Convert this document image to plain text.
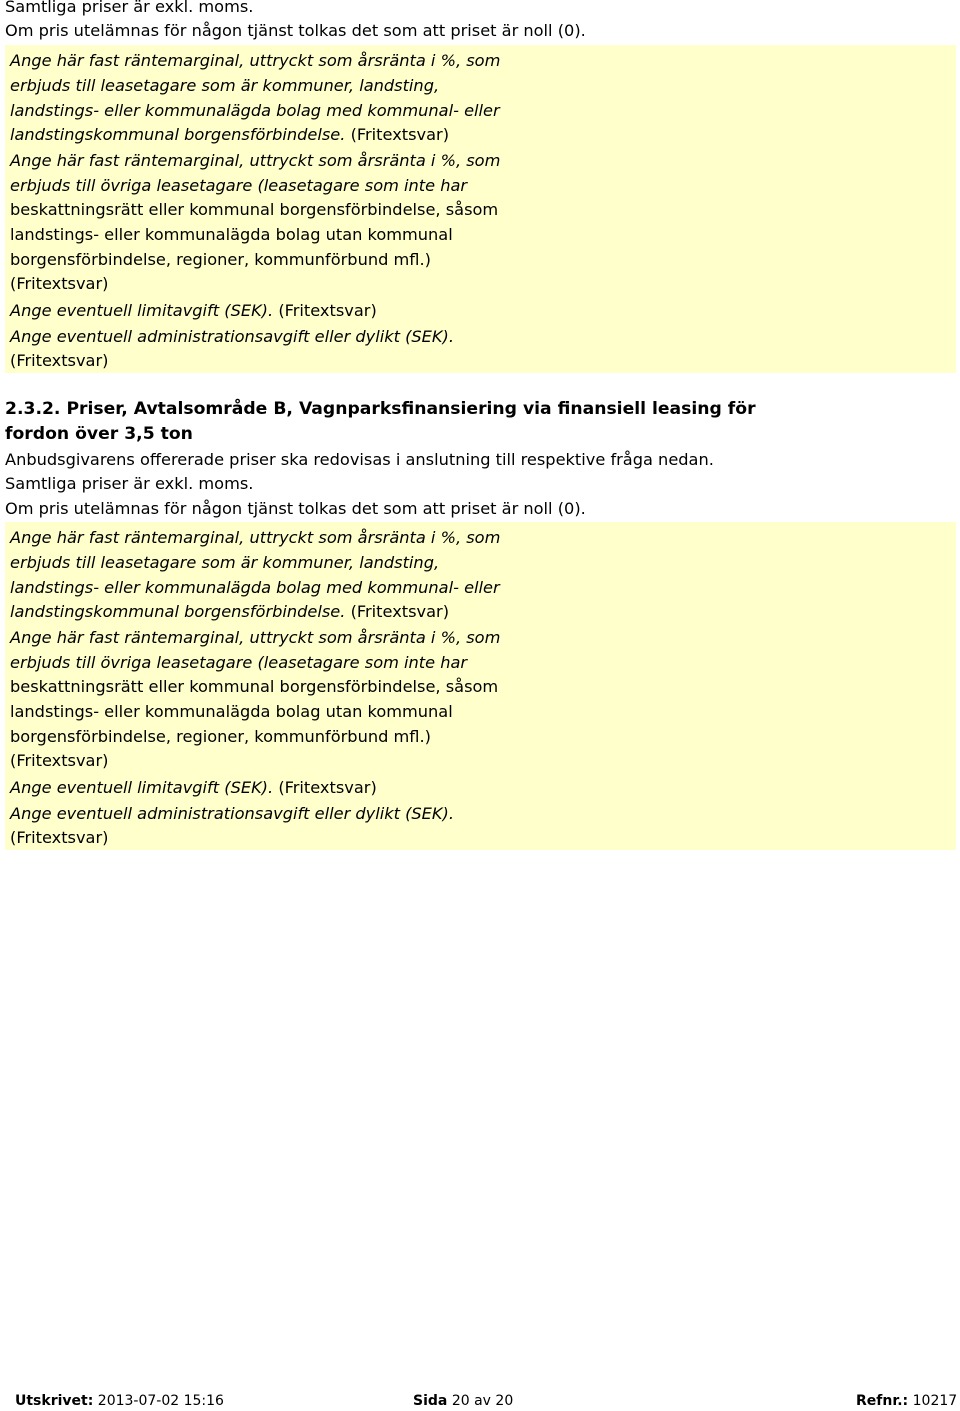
Samtliga priser är exkl. moms.
Om pris utelämnas för någon tjänst tolkas det som att priset är noll (0).
Ange här fast räntemarginal, uttryckt som årsränta i %, som
erbjuds till leasetagare som är kommuner, landsting,
landstings- eller kommunalägda bolag med kommunal- eller
landstingskommunal borgensförbindelse. (Fritextsvar)
Ange här fast räntemarginal, uttryckt som årsränta i %, som
erbjuds till övriga leasetagare (leasetagare som inte har
beskattningsrätt eller kommunal borgensförbindelse, såsom
landstings- eller kommunalägda bolag utan kommunal
borgensförbindelse, regioner, kommunförbund mfl.)
(Fritextsvar)
Ange eventuell limitavgift (SEK). (Fritextsvar)
Ange eventuell administrationsavgift eller dylikt (SEK).
(Fritextsvar)
2.3.2. Priser, Avtalsområde B, Vagnparksfinansiering via finansiell leasing för
fordon över 3,5 ton
Anbudsgivarens offererade priser ska redovisas i anslutning till respektive fråga nedan.
Samtliga priser är exkl. moms.
Om pris utelämnas för någon tjänst tolkas det som att priset är noll (0).
Ange här fast räntemarginal, uttryckt som årsränta i %, som
erbjuds till leasetagare som är kommuner, landsting,
landstings- eller kommunalägda bolag med kommunal- eller
landstingskommunal borgensförbindelse. (Fritextsvar)
Ange här fast räntemarginal, uttryckt som årsränta i %, som
erbjuds till övriga leasetagare (leasetagare som inte har
beskattningsrätt eller kommunal borgensförbindelse, såsom
landstings- eller kommunalägda bolag utan kommunal
borgensförbindelse, regioner, kommunförbund mfl.)
(Fritextsvar)
Ange eventuell limitavgift (SEK). (Fritextsvar)
Ange eventuell administrationsavgift eller dylikt (SEK).
(Fritextsvar)
Utskrivet: 2013-07-02 15:16	Sida 20 av 20	Refnr.: 10217
